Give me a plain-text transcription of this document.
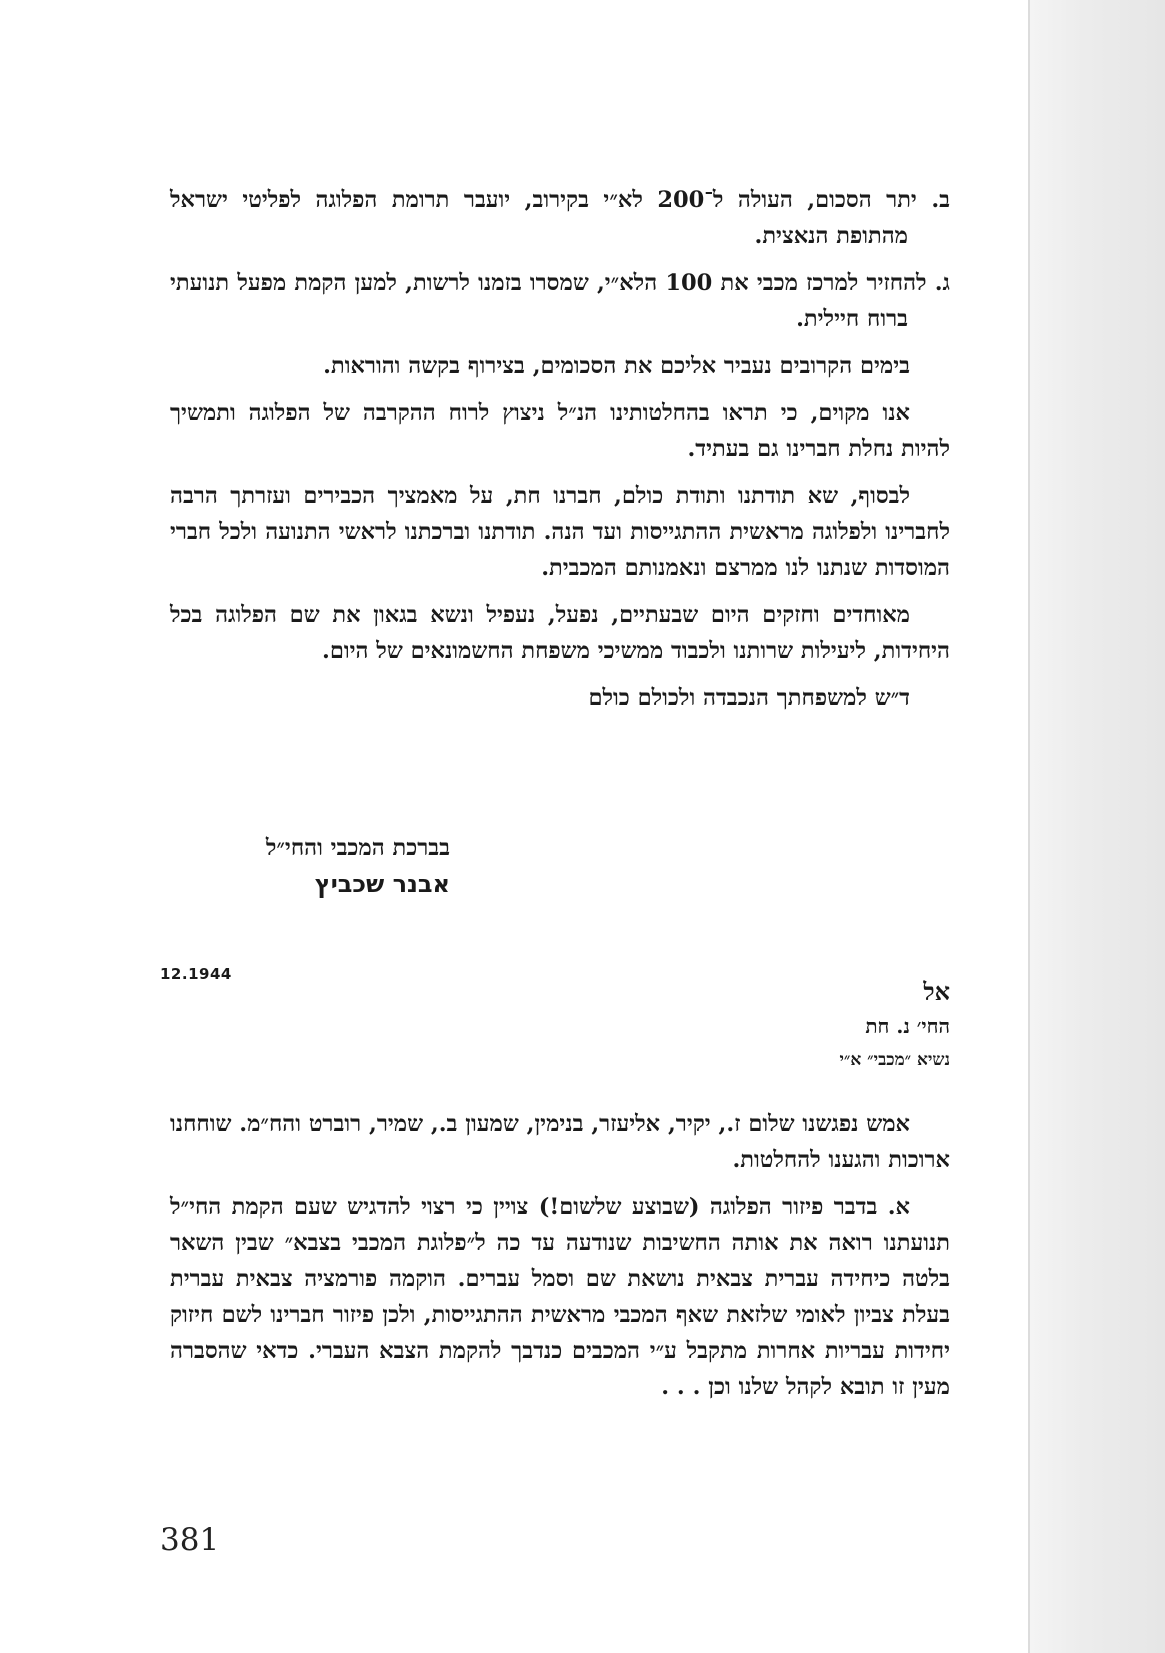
ב. יתר הסכום, העולה ל־200 לא״י בקירוב, יועבר תרומת הפלוגה לפליטי ישראל מהתופת הנאצית.

ג. להחזיר למרכז מכבי את 100 הלא״י, שמסרו בזמנו לרשות, למען הקמת מפעל תנועתי ברוח חיילית.

בימים הקרובים נעביר אליכם את הסכומים, בצירוף בקשה והוראות.

אנו מקוים, כי תראו בהחלטותינו הנ״ל ניצוץ לרוח ההקרבה של הפלוגה ותמשיך להיות נחלת חברינו גם בעתיד.

לבסוף, שא תודתנו ותודת כולם, חברנו חת, על מאמציך הכבירים ועזרתך הרבה לחברינו ולפלוגה מראשית ההתגייסות ועד הנה. תודתנו וברכתנו לראשי התנועה ולכל חברי המוסדות שנתנו לנו ממרצם ונאמנותם המכבית.

מאוחדים וחזקים היום שבעתיים, נפעל, נעפיל ונשא בגאון את שם הפלוגה בכל היחידות, ליעילות שרותנו ולכבוד ממשיכי משפחת החשמונאים של היום.

ד״ש למשפחתך הנכבדה ולכולם כולם

בברכת המכבי והחי״ל
אבנר שכביץ
12.1944
אל
החי׳ נ. חת
נשיא ״מכבי״ א״י

אמש נפגשנו שלום ז., יקיר, אליעזר, בנימין, שמעון ב., שמיר, רוברט והח״מ. שוחחנו ארוכות והגענו להחלטות.

א. בדבר פיזור הפלוגה (שבוצע שלשום!) צויין כי רצוי להדגיש שעם הקמת החי״ל תנועתנו רואה את אותה החשיבות שנודעה עד כה ל״פלוגת המכבי בצבא״ שבין השאר בלטה כיחידה עברית צבאית נושאת שם וסמל עברים. הוקמה פורמציה צבאית עברית בעלת צביון לאומי שלזאת שאף המכבי מראשית ההתגייסות, ולכן פיזור חברינו לשם חיזוק יחידות עבריות אחרות מתקבל ע״י המכבים כנדבך להקמת הצבא העברי. כדאי שהסברה מעין זו תובא לקהל שלנו וכן . . .

381
